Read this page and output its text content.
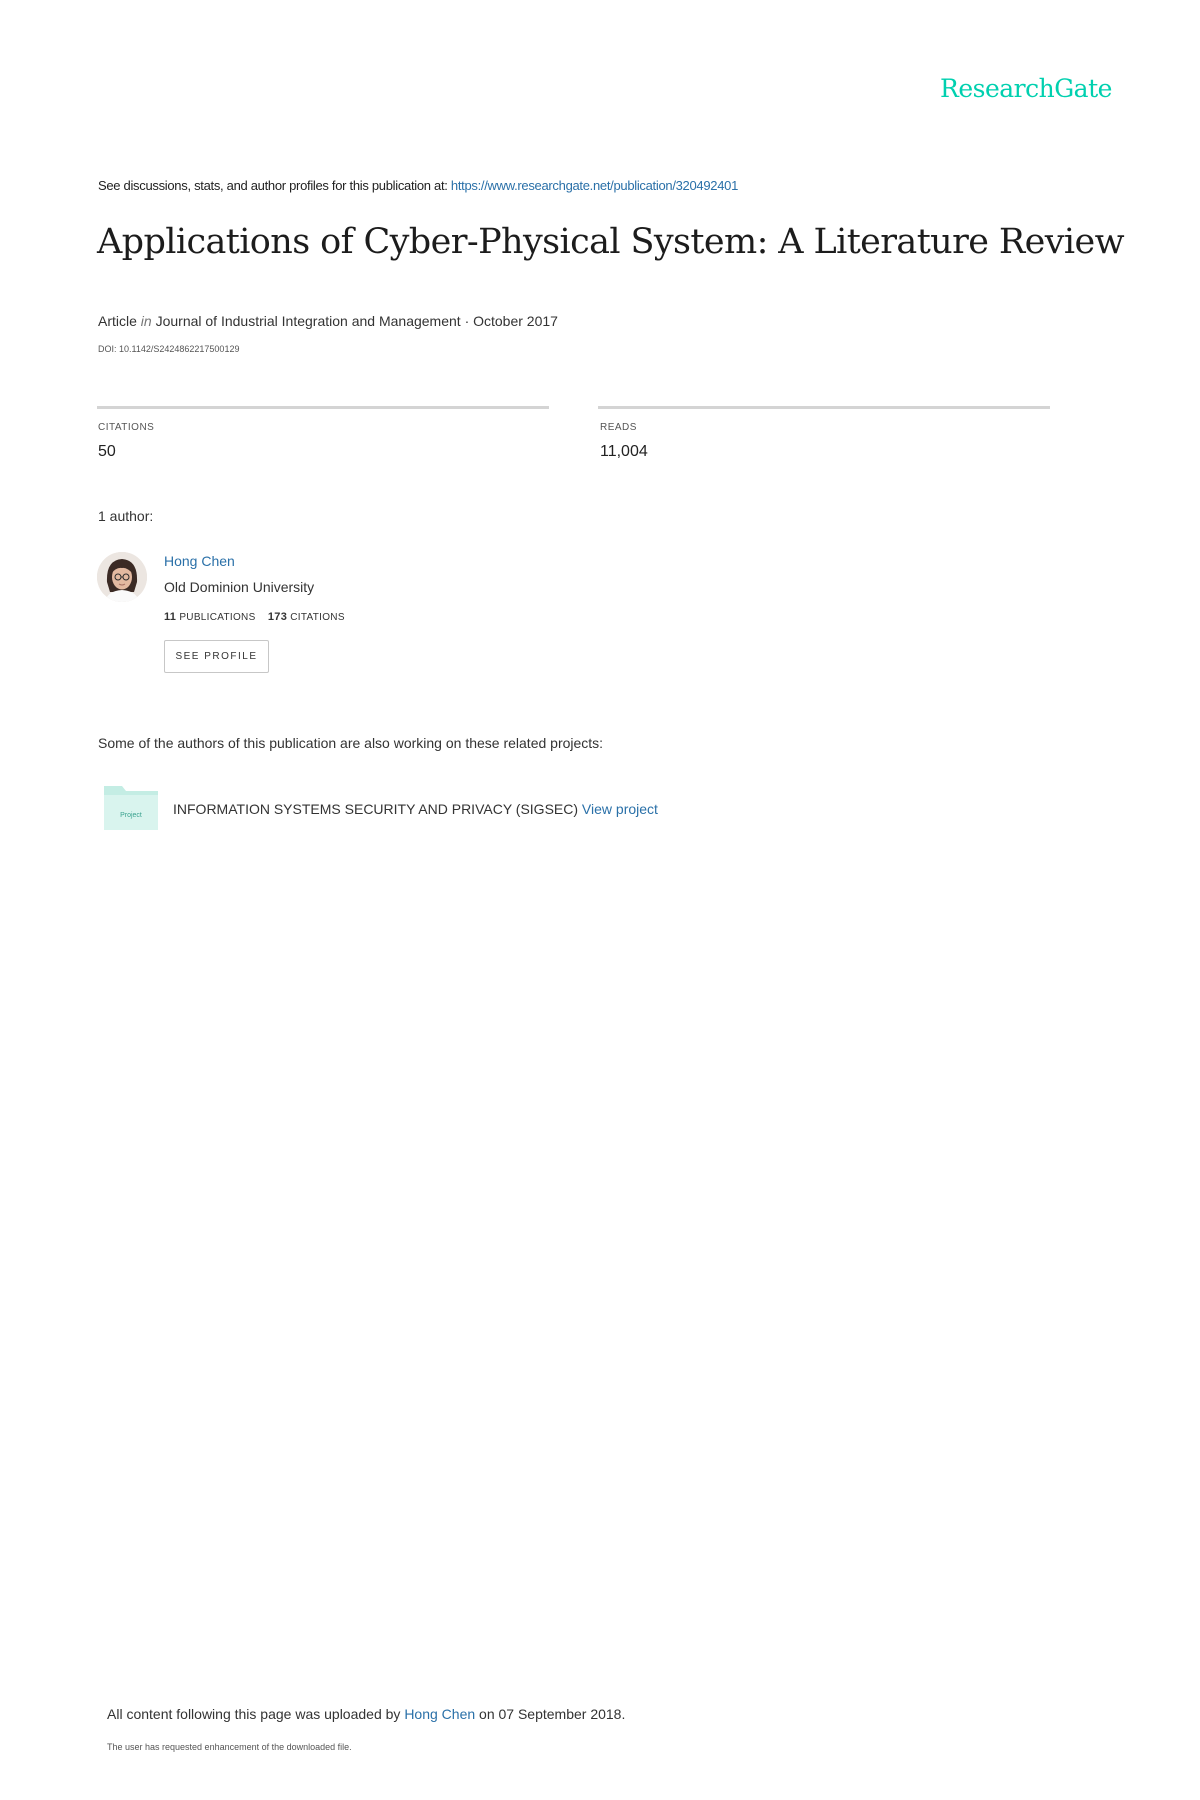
ResearchGate
See discussions, stats, and author profiles for this publication at: https://www.researchgate.net/publication/320492401
Applications of Cyber-Physical System: A Literature Review
Article in Journal of Industrial Integration and Management · October 2017
DOI: 10.1142/S2424862217500129
CITATIONS
50
READS
11,004
1 author:
Hong Chen
Old Dominion University
11 PUBLICATIONS 173 CITATIONS
SEE PROFILE
Some of the authors of this publication are also working on these related projects:
Project INFORMATION SYSTEMS SECURITY AND PRIVACY (SIGSEC) View project
All content following this page was uploaded by Hong Chen on 07 September 2018.
The user has requested enhancement of the downloaded file.
